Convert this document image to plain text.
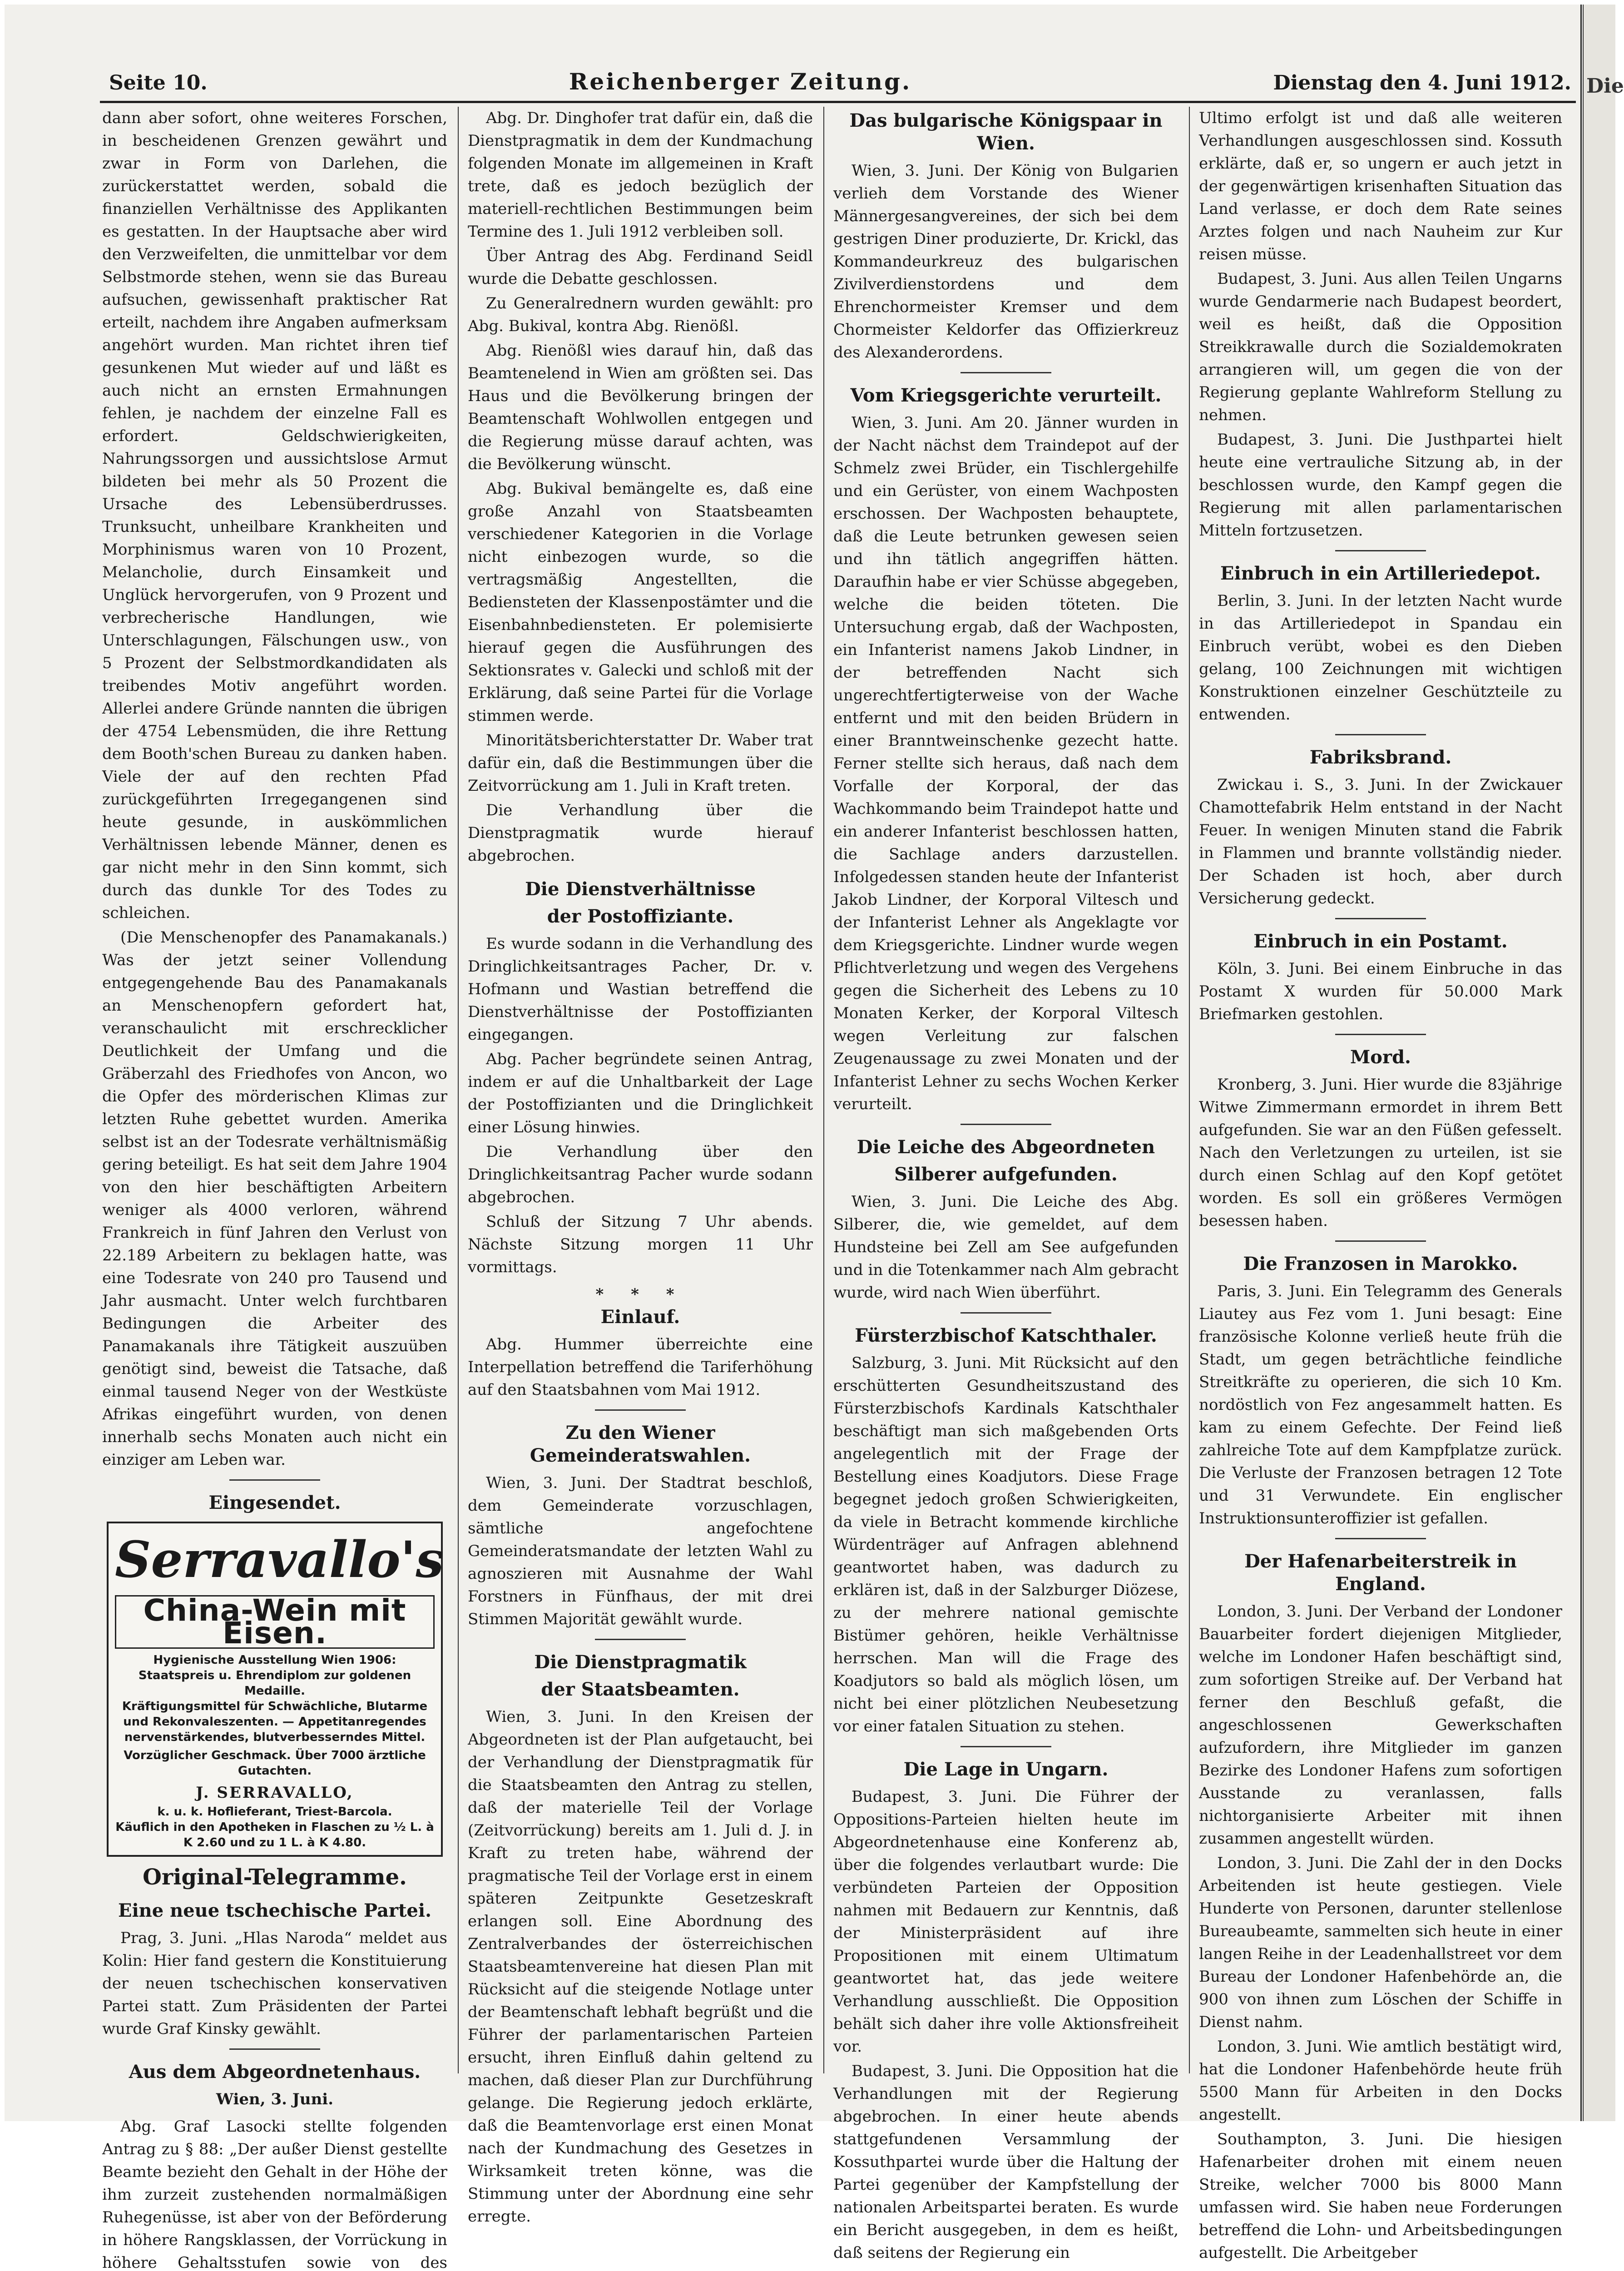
Die
Seite 10.	Reichenberger Zeitung.	Dienstag den 4. Juni 1912.

dann aber sofort, ohne weiteres Forschen, in bescheidenen Grenzen gewährt und zwar in Form von Darlehen, die zurückerstattet werden, sobald die finanziellen Verhältnisse des Applikanten es gestatten. In der Hauptsache aber wird den Verzweifelten, die unmittelbar vor dem Selbstmorde stehen, wenn sie das Bureau aufsuchen, gewissenhaft praktischer Rat erteilt, nachdem ihre Angaben aufmerksam angehört wurden. Man richtet ihren tief gesunkenen Mut wieder auf und läßt es auch nicht an ernsten Ermahnungen fehlen, je nachdem der einzelne Fall es erfordert. Geldschwierigkeiten, Nahrungssorgen und aussichtslose Armut bildeten bei mehr als 50 Prozent die Ursache des Lebensüberdrusses. Trunksucht, unheilbare Krankheiten und Morphinismus waren von 10 Prozent, Melancholie, durch Einsamkeit und Unglück hervorgerufen, von 9 Prozent und verbrecherische Handlungen, wie Unterschlagungen, Fälschungen usw., von 5 Prozent der Selbstmordkandidaten als treibendes Motiv angeführt worden. Allerlei andere Gründe nannten die übrigen der 4754 Lebensmüden, die ihre Rettung dem Booth'schen Bureau zu danken haben. Viele der auf den rechten Pfad zurückgeführten Irregegangenen sind heute gesunde, in auskömmlichen Verhältnissen lebende Männer, denen es gar nicht mehr in den Sinn kommt, sich durch das dunkle Tor des Todes zu schleichen.

(Die Menschenopfer des Panamakanals.) Was der jetzt seiner Vollendung entgegengehende Bau des Panamakanals an Menschenopfern gefordert hat, veranschaulicht mit erschrecklicher Deutlichkeit der Umfang und die Gräberzahl des Friedhofes von Ancon, wo die Opfer des mörderischen Klimas zur letzten Ruhe gebettet wurden. Amerika selbst ist an der Todesrate verhältnismäßig gering beteiligt. Es hat seit dem Jahre 1904 von den hier beschäftigten Arbeitern weniger als 4000 verloren, während Frankreich in fünf Jahren den Verlust von 22.189 Arbeitern zu beklagen hatte, was eine Todesrate von 240 pro Tausend und Jahr ausmacht. Unter welch furchtbaren Bedingungen die Arbeiter des Panamakanals ihre Tätigkeit auszuüben genötigt sind, beweist die Tatsache, daß einmal tausend Neger von der Westküste Afrikas eingeführt wurden, von denen innerhalb sechs Monaten auch nicht ein einziger am Leben war.

Eingesendet.
Serravallo's
China-Wein mit Eisen.
Hygienische Ausstellung Wien 1906: Staatspreis u. Ehrendiplom zur goldenen Medaille.
Kräftigungsmittel für Schwächliche, Blutarme und Rekonvaleszenten. — Appetitanregendes nervenstärkendes, blutverbesserndes Mittel.
Vorzüglicher Geschmack. Über 7000 ärztliche Gutachten.
J. SERRAVALLO,
k. u. k. Hoflieferant, Triest-Barcola.
Käuflich in den Apotheken in Flaschen zu ½ L. à K 2.60 und zu 1 L. à K 4.80.
Original-Telegramme.
Eine neue tschechische Partei.

Prag, 3. Juni. „Hlas Naroda“ meldet aus Kolin: Hier fand gestern die Konstituierung der neuen tschechischen konservativen Partei statt. Zum Präsidenten der Partei wurde Graf Kinsky gewählt.

Aus dem Abgeordnetenhaus.
Wien, 3. Juni.

Abg. Graf Lasocki stellte folgenden Antrag zu § 88: „Der außer Dienst gestellte Beamte bezieht den Gehalt in der Höhe der ihm zurzeit zustehenden normalmäßigen Ruhegenüsse, ist aber von der Beförderung in höhere Rangsklassen, der Vorrückung in höhere Gehaltsstufen sowie von des

Abg. Dr. Dinghofer trat dafür ein, daß die Dienstpragmatik in dem der Kundmachung folgenden Monate im allgemeinen in Kraft trete, daß es jedoch bezüglich der materiell-rechtlichen Bestimmungen beim Termine des 1. Juli 1912 verbleiben soll.

Über Antrag des Abg. Ferdinand Seidl wurde die Debatte geschlossen.

Zu Generalrednern wurden gewählt: pro Abg. Bukival, kontra Abg. Rienößl.

Abg. Rienößl wies darauf hin, daß das Beamtenelend in Wien am größten sei. Das Haus und die Bevölkerung bringen der Beamtenschaft Wohlwollen entgegen und die Regierung müsse darauf achten, was die Bevölkerung wünscht.

Abg. Bukival bemängelte es, daß eine große Anzahl von Staatsbeamten verschiedener Kategorien in die Vorlage nicht einbezogen wurde, so die vertragsmäßig Angestellten, die Bediensteten der Klassenpostämter und die Eisenbahnbediensteten. Er polemisierte hierauf gegen die Ausführungen des Sektionsrates v. Galecki und schloß mit der Erklärung, daß seine Partei für die Vorlage stimmen werde.

Minoritätsberichterstatter Dr. Waber trat dafür ein, daß die Bestimmungen über die Zeitvorrückung am 1. Juli in Kraft treten.

Die Verhandlung über die Dienstpragmatik wurde hierauf abgebrochen.

Die Dienstverhältnisse
der Postoffiziante.

Es wurde sodann in die Verhandlung des Dringlichkeitsantrages Pacher, Dr. v. Hofmann und Wastian betreffend die Dienstverhältnisse der Postoffizianten eingegangen.

Abg. Pacher begründete seinen Antrag, indem er auf die Unhaltbarkeit der Lage der Postoffizianten und die Dringlichkeit einer Lösung hinwies.

Die Verhandlung über den Dringlichkeitsantrag Pacher wurde sodann abgebrochen.

Schluß der Sitzung 7 Uhr abends. Nächste Sitzung morgen 11 Uhr vormittags.

* * *
Einlauf.

Abg. Hummer überreichte eine Interpellation betreffend die Tariferhöhung auf den Staatsbahnen vom Mai 1912.

Zu den Wiener Gemeinderatswahlen.

Wien, 3. Juni. Der Stadtrat beschloß, dem Gemeinderate vorzuschlagen, sämtliche angefochtene Gemeinderatsmandate der letzten Wahl zu agnoszieren mit Ausnahme der Wahl Forstners in Fünfhaus, der mit drei Stimmen Majorität gewählt wurde.

Die Dienstpragmatik
der Staatsbeamten.

Wien, 3. Juni. In den Kreisen der Abgeordneten ist der Plan aufgetaucht, bei der Verhandlung der Dienstpragmatik für die Staatsbeamten den Antrag zu stellen, daß der materielle Teil der Vorlage (Zeitvorrückung) bereits am 1. Juli d. J. in Kraft zu treten habe, während der pragmatische Teil der Vorlage erst in einem späteren Zeitpunkte Gesetzeskraft erlangen soll. Eine Abordnung des Zentralverbandes der österreichischen Staatsbeamtenvereine hat diesen Plan mit Rücksicht auf die steigende Notlage unter der Beamtenschaft lebhaft begrüßt und die Führer der parlamentarischen Parteien ersucht, ihren Einfluß dahin geltend zu machen, daß dieser Plan zur Durchführung gelange. Die Regierung jedoch erklärte, daß die Beamtenvorlage erst einen Monat nach der Kundmachung des Gesetzes in Wirksamkeit treten könne, was die Stimmung unter der Abordnung eine sehr erregte.

Das bulgarische Königspaar in Wien.

Wien, 3. Juni. Der König von Bulgarien verlieh dem Vorstande des Wiener Männergesangvereines, der sich bei dem gestrigen Diner produzierte, Dr. Krickl, das Kommandeurkreuz des bulgarischen Zivilverdienstordens und dem Ehrenchormeister Kremser und dem Chormeister Keldorfer das Offizierkreuz des Alexanderordens.

Vom Kriegsgerichte verurteilt.

Wien, 3. Juni. Am 20. Jänner wurden in der Nacht nächst dem Traindepot auf der Schmelz zwei Brüder, ein Tischlergehilfe und ein Gerüster, von einem Wachposten erschossen. Der Wachposten behauptete, daß die Leute betrunken gewesen seien und ihn tätlich angegriffen hätten. Daraufhin habe er vier Schüsse abgegeben, welche die beiden töteten. Die Untersuchung ergab, daß der Wachposten, ein Infanterist namens Jakob Lindner, in der betreffenden Nacht sich ungerechtfertigterweise von der Wache entfernt und mit den beiden Brüdern in einer Branntweinschenke gezecht hatte. Ferner stellte sich heraus, daß nach dem Vorfalle der Korporal, der das Wachkommando beim Traindepot hatte und ein anderer Infanterist beschlossen hatten, die Sachlage anders darzustellen. Infolgedessen standen heute der Infanterist Jakob Lindner, der Korporal Viltesch und der Infanterist Lehner als Angeklagte vor dem Kriegsgerichte. Lindner wurde wegen Pflichtverletzung und wegen des Vergehens gegen die Sicherheit des Lebens zu 10 Monaten Kerker, der Korporal Viltesch wegen Verleitung zur falschen Zeugenaussage zu zwei Monaten und der Infanterist Lehner zu sechs Wochen Kerker verurteilt.

Die Leiche des Abgeordneten
Silberer aufgefunden.

Wien, 3. Juni. Die Leiche des Abg. Silberer, die, wie gemeldet, auf dem Hundsteine bei Zell am See aufgefunden und in die Totenkammer nach Alm gebracht wurde, wird nach Wien überführt.

Fürsterzbischof Katschthaler.

Salzburg, 3. Juni. Mit Rücksicht auf den erschütterten Gesundheitszustand des Fürsterzbischofs Kardinals Katschthaler beschäftigt man sich maßgebenden Orts angelegentlich mit der Frage der Bestellung eines Koadjutors. Diese Frage begegnet jedoch großen Schwierigkeiten, da viele in Betracht kommende kirchliche Würdenträger auf Anfragen ablehnend geantwortet haben, was dadurch zu erklären ist, daß in der Salzburger Diözese, zu der mehrere national gemischte Bistümer gehören, heikle Verhältnisse herrschen. Man will die Frage des Koadjutors so bald als möglich lösen, um nicht bei einer plötzlichen Neubesetzung vor einer fatalen Situation zu stehen.

Die Lage in Ungarn.

Budapest, 3. Juni. Die Führer der Oppositions-Parteien hielten heute im Abgeordnetenhause eine Konferenz ab, über die folgendes verlautbart wurde: Die verbündeten Parteien der Opposition nahmen mit Bedauern zur Kenntnis, daß der Ministerpräsident auf ihre Propositionen mit einem Ultimatum geantwortet hat, das jede weitere Verhandlung ausschließt. Die Opposition behält sich daher ihre volle Aktionsfreiheit vor.

Budapest, 3. Juni. Die Opposition hat die Verhandlungen mit der Regierung abgebrochen. In einer heute abends stattgefundenen Versammlung der Kossuthpartei wurde über die Haltung der Partei gegenüber der Kampfstellung der nationalen Arbeitspartei beraten. Es wurde ein Bericht ausgegeben, in dem es heißt, daß seitens der Regierung ein

Ultimo erfolgt ist und daß alle weiteren Verhandlungen ausgeschlossen sind. Kossuth erklärte, daß er, so ungern er auch jetzt in der gegenwärtigen krisenhaften Situation das Land verlasse, er doch dem Rate seines Arztes folgen und nach Nauheim zur Kur reisen müsse.

Budapest, 3. Juni. Aus allen Teilen Ungarns wurde Gendarmerie nach Budapest beordert, weil es heißt, daß die Opposition Streikkrawalle durch die Sozialdemokraten arrangieren will, um gegen die von der Regierung geplante Wahlreform Stellung zu nehmen.

Budapest, 3. Juni. Die Justhpartei hielt heute eine vertrauliche Sitzung ab, in der beschlossen wurde, den Kampf gegen die Regierung mit allen parlamentarischen Mitteln fortzusetzen.

Einbruch in ein Artilleriedepot.

Berlin, 3. Juni. In der letzten Nacht wurde in das Artilleriedepot in Spandau ein Einbruch verübt, wobei es den Dieben gelang, 100 Zeichnungen mit wichtigen Konstruktionen einzelner Geschützteile zu entwenden.

Fabriksbrand.

Zwickau i. S., 3. Juni. In der Zwickauer Chamottefabrik Helm entstand in der Nacht Feuer. In wenigen Minuten stand die Fabrik in Flammen und brannte vollständig nieder. Der Schaden ist hoch, aber durch Versicherung gedeckt.

Einbruch in ein Postamt.

Köln, 3. Juni. Bei einem Einbruche in das Postamt X wurden für 50.000 Mark Briefmarken gestohlen.

Mord.

Kronberg, 3. Juni. Hier wurde die 83jährige Witwe Zimmermann ermordet in ihrem Bett aufgefunden. Sie war an den Füßen gefesselt. Nach den Verletzungen zu urteilen, ist sie durch einen Schlag auf den Kopf getötet worden. Es soll ein größeres Vermögen besessen haben.

Die Franzosen in Marokko.

Paris, 3. Juni. Ein Telegramm des Generals Liautey aus Fez vom 1. Juni besagt: Eine französische Kolonne verließ heute früh die Stadt, um gegen beträchtliche feindliche Streitkräfte zu operieren, die sich 10 Km. nordöstlich von Fez angesammelt hatten. Es kam zu einem Gefechte. Der Feind ließ zahlreiche Tote auf dem Kampfplatze zurück. Die Verluste der Franzosen betragen 12 Tote und 31 Verwundete. Ein englischer Instruktionsunteroffizier ist gefallen.

Der Hafenarbeiterstreik in England.

London, 3. Juni. Der Verband der Londoner Bauarbeiter fordert diejenigen Mitglieder, welche im Londoner Hafen beschäftigt sind, zum sofortigen Streike auf. Der Verband hat ferner den Beschluß gefaßt, die angeschlossenen Gewerkschaften aufzufordern, ihre Mitglieder im ganzen Bezirke des Londoner Hafens zum sofortigen Ausstande zu veranlassen, falls nichtorganisierte Arbeiter mit ihnen zusammen angestellt würden.

London, 3. Juni. Die Zahl der in den Docks Arbeitenden ist heute gestiegen. Viele Hunderte von Personen, darunter stellenlose Bureaubeamte, sammelten sich heute in einer langen Reihe in der Leadenhallstreet vor dem Bureau der Londoner Hafenbehörde an, die 900 von ihnen zum Löschen der Schiffe in Dienst nahm.

London, 3. Juni. Wie amtlich bestätigt wird, hat die Londoner Hafenbehörde heute früh 5500 Mann für Arbeiten in den Docks angestellt.

Southampton, 3. Juni. Die hiesigen Hafenarbeiter drohen mit einem neuen Streike, welcher 7000 bis 8000 Mann umfassen wird. Sie haben neue Forderungen betreffend die Lohn- und Arbeitsbedingungen aufgestellt. Die Arbeitgeber
